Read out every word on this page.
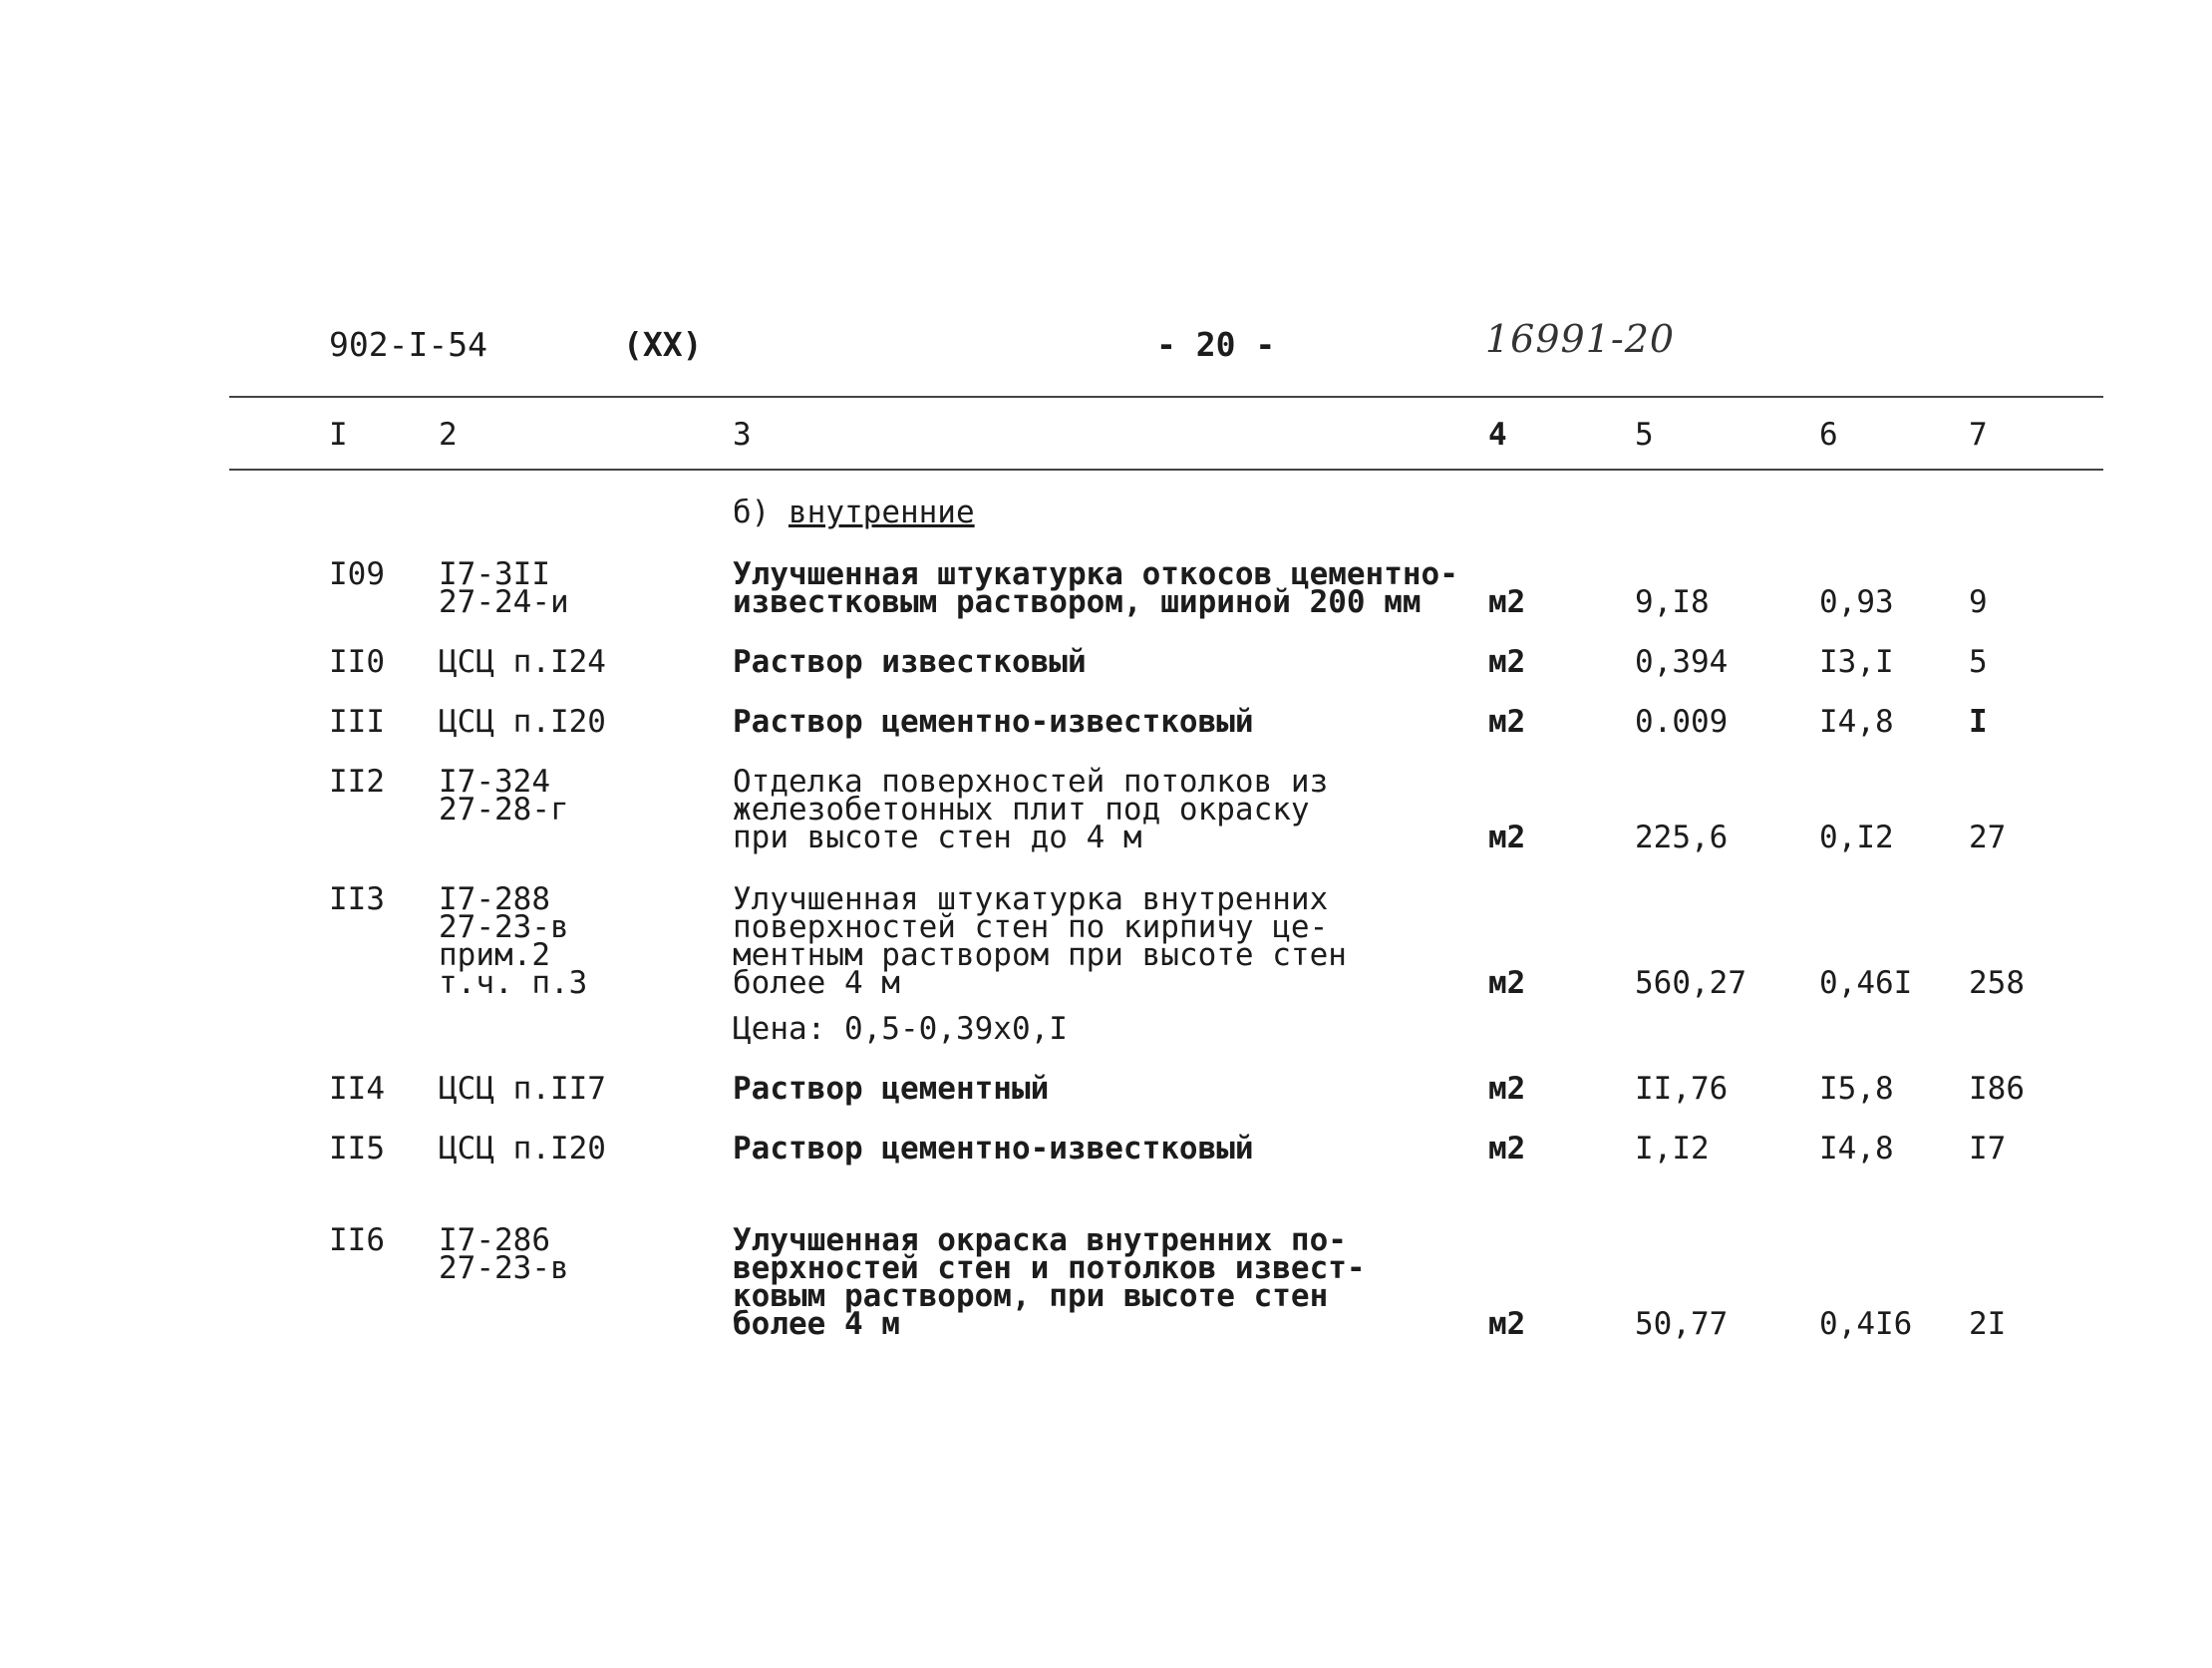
902-I-54	(XX)	- 20 -	16991-20
I	2	3	4	5	6	7
б) внутренние
I09 I7-3II
27-24-и
Улучшенная штукатурка откосов цементно-
известковым раствором, шириной 200 мм м2	9,I8	0,93 9
II0 ЦСЦ п.I24	Раствор известковый	м2	0,394	I3,I 5
III ЦСЦ п.I20	Раствор цементно-известковый	м2	0.009	I4,8 I
II2 I7-324
27-28-г
Отделка поверхностей потолков из
железобетонных плит под окраску
при высоте стен до 4 м	м2	225,6	0,I2 27
II3 I7-288
27-23-в
прим.2
т.ч. п.3
Улучшенная штукатурка внутренних
поверхностей стен по кирпичу це-
ментным раствором при высоте стен
более 4 м
Цена: 0,5-0,39х0,I
м2	560,27 0,46I 258
II4 ЦСЦ п.II7	Раствор цементный	м2	II,76	I5,8 I86
II5 ЦСЦ п.I20	Раствор цементно-известковый	м2	I,I2	I4,8 I7
II6 I7-286
27-23-в
Улучшенная окраска внутренних по-
верхностей стен и потолков извест-
ковым раствором, при высоте стен
более 4 м	м2	50,77	0,4I6 2I
